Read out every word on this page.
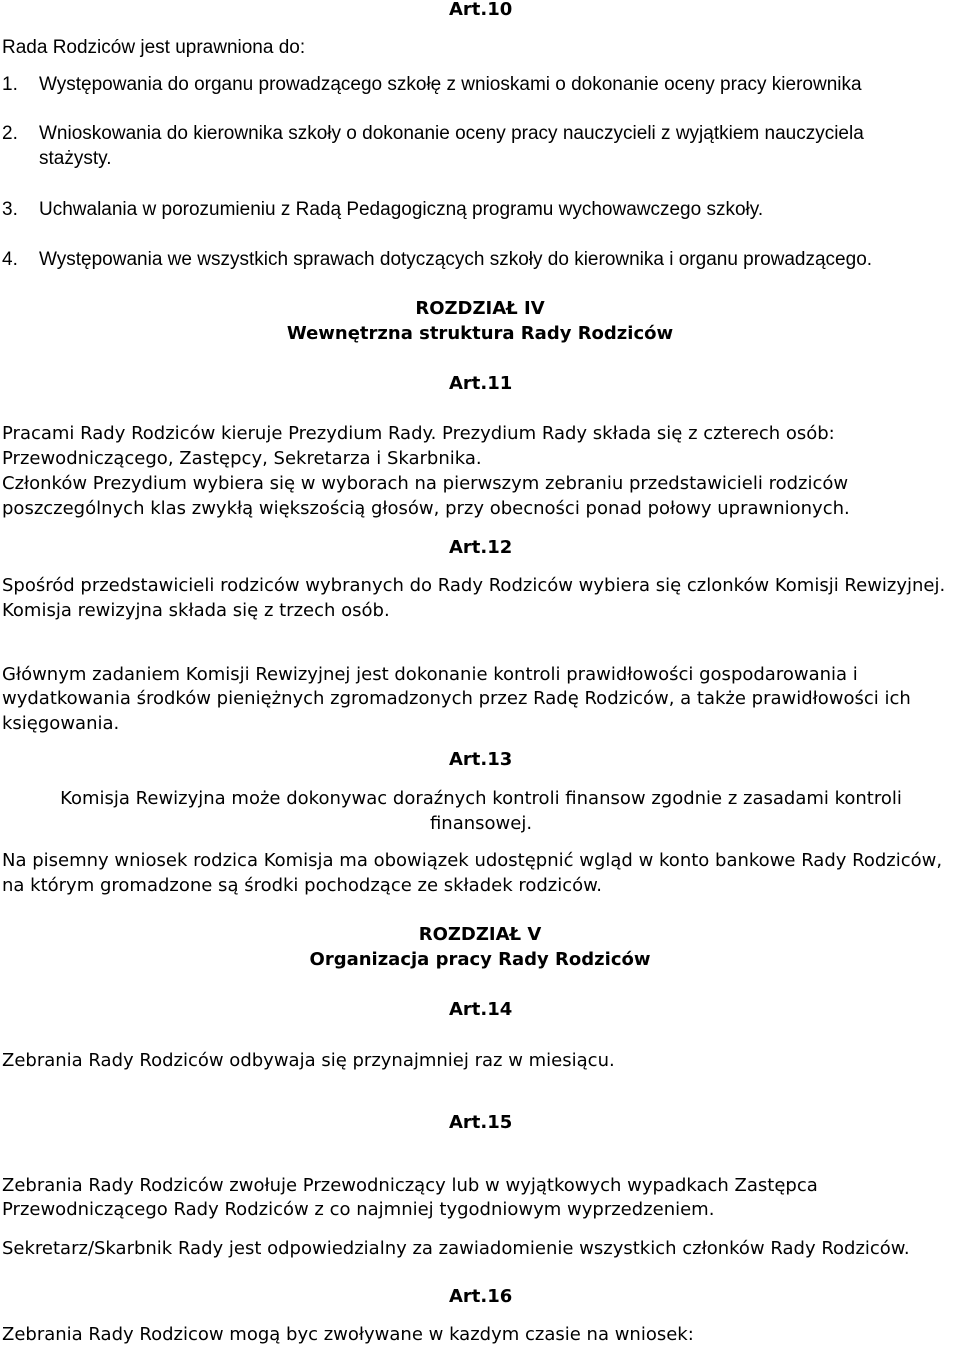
Art.10
Rada Rodziców jest uprawniona do:
1. Występowania do organu prowadzącego szkołę z wnioskami o dokonanie oceny pracy kierownika
2. Wnioskowania do kierownika szkoły o dokonanie oceny pracy nauczycieli z wyjątkiem nauczyciela
stażysty.
3. Uchwalania w porozumieniu z Radą Pedagogiczną programu wychowawczego szkoły.
4. Występowania we wszystkich sprawach dotyczących szkoły do kierownika i organu prowadzącego.
ROZDZIAŁ IV
Wewnętrzna struktura Rady Rodziców
Art.11
Pracami Rady Rodziców kieruje Prezydium Rady. Prezydium Rady składa się z czterech osób:
Przewodniczącego, Zastępcy, Sekretarza i Skarbnika.
Członków Prezydium wybiera się w wyborach na pierwszym zebraniu przedstawicieli rodziców
poszczególnych klas zwykłą większością głosów, przy obecności ponad połowy uprawnionych.
Art.12
Spośród przedstawicieli rodziców wybranych do Rady Rodziców wybiera się czlonków Komisji Rewizyjnej.
Komisja rewizyjna składa się z trzech osób.
Głównym zadaniem Komisji Rewizyjnej jest dokonanie kontroli prawidłowości gospodarowania i
wydatkowania środków pieniężnych zgromadzonych przez Radę Rodziców, a także prawidłowości ich
księgowania.
Art.13
Komisja Rewizyjna może dokonywac doraźnych kontroli finansow zgodnie z zasadami kontroli
finansowej.
Na pisemny wniosek rodzica Komisja ma obowiązek udostępnić wgląd w konto bankowe Rady Rodziców,
na którym gromadzone są środki pochodzące ze składek rodziców.
ROZDZIAŁ V
Organizacja pracy Rady Rodziców
Art.14
Zebrania Rady Rodziców odbywaja się przynajmniej raz w miesiącu.
Art.15
Zebrania Rady Rodziców zwołuje Przewodniczący lub w wyjątkowych wypadkach Zastępca
Przewodniczącego Rady Rodziców z co najmniej tygodniowym wyprzedzeniem.
Sekretarz/Skarbnik Rady jest odpowiedzialny za zawiadomienie wszystkich członków Rady Rodziców.
Art.16
Zebrania Rady Rodzicow mogą byc zwoływane w kazdym czasie na wniosek:
